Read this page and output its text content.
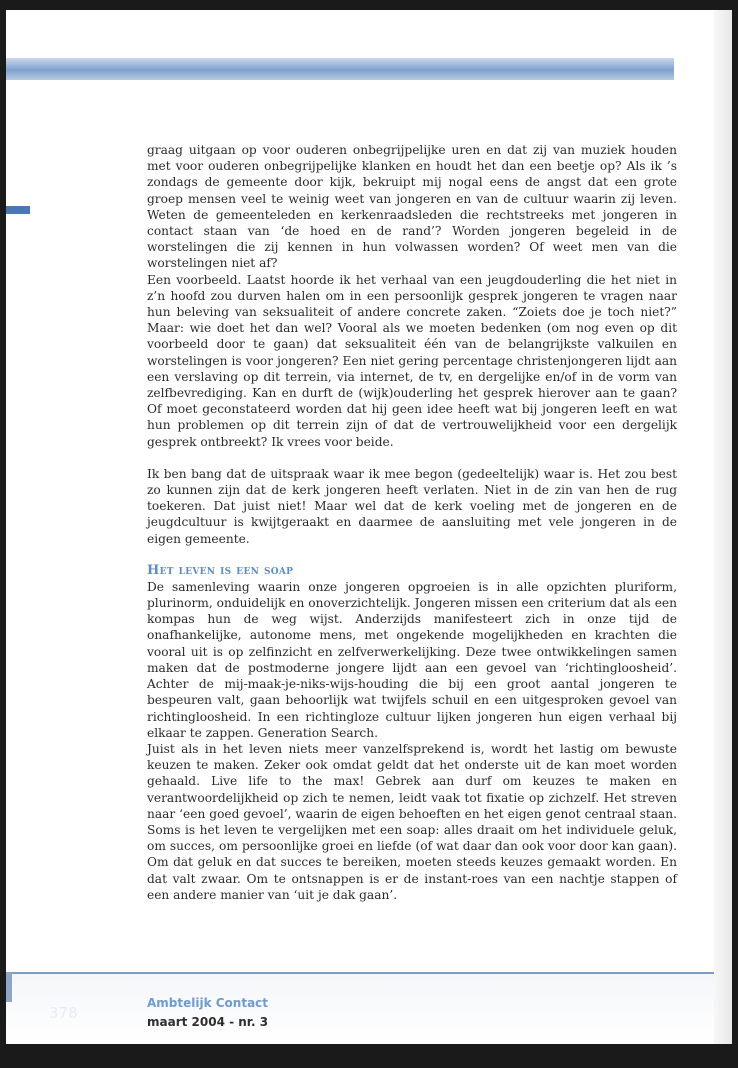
graag uitgaan op voor ouderen onbegrijpelijke uren en dat zij van muziek houden met voor ouderen onbegrijpelijke klanken en houdt het dan een beetje op? Als ik ’s zondags de gemeente door kijk, bekruipt mij nogal eens de angst dat een grote groep mensen veel te weinig weet van jongeren en van de cultuur waarin zij leven. Weten de gemeenteleden en kerkenraadsleden die rechtstreeks met jongeren in contact staan van ‘de hoed en de rand’? Worden jongeren begeleid in de worstelingen die zij kennen in hun volwassen worden? Of weet men van die worstelingen niet af?

Een voorbeeld. Laatst hoorde ik het verhaal van een jeugdouderling die het niet in z’n hoofd zou durven halen om in een persoonlijk gesprek jongeren te vragen naar hun beleving van seksualiteit of andere concrete zaken. “Zoiets doe je toch niet?” Maar: wie doet het dan wel? Vooral als we moeten bedenken (om nog even op dit voorbeeld door te gaan) dat seksualiteit één van de belangrijkste valkuilen en worstelingen is voor jongeren? Een niet gering percentage christenjongeren lijdt aan een verslaving op dit terrein, via internet, de tv, en dergelijke en/of in de vorm van zelfbevrediging. Kan en durft de (wijk)ouderling het gesprek hierover aan te gaan? Of moet geconstateerd worden dat hij geen idee heeft wat bij jongeren leeft en wat hun problemen op dit terrein zijn of dat de vertrouwelijkheid voor een dergelijk gesprek ontbreekt? Ik vrees voor beide.

Ik ben bang dat de uitspraak waar ik mee begon (gedeeltelijk) waar is. Het zou best zo kunnen zijn dat de kerk jongeren heeft verlaten. Niet in de zin van hen de rug toekeren. Dat juist niet! Maar wel dat de kerk voeling met de jongeren en de jeugdcultuur is kwijtgeraakt en daarmee de aansluiting met vele jongeren in de eigen gemeente.

Het leven is een soap

De samenleving waarin onze jongeren opgroeien is in alle opzichten pluriform, plurinorm, onduidelijk en onoverzichtelijk. Jongeren missen een criterium dat als een kompas hun de weg wijst. Anderzijds manifesteert zich in onze tijd de onafhankelijke, autonome mens, met ongekende mogelijkheden en krachten die vooral uit is op zelfinzicht en zelfverwerkelijking. Deze twee ontwikkelingen samen maken dat de postmoderne jongere lijdt aan een gevoel van ‘richtingloosheid’. Achter de mij-maak-je-niks-wijs-houding die bij een groot aantal jongeren te bespeuren valt, gaan behoorlijk wat twijfels schuil en een uitgesproken gevoel van richtingloosheid. In een richtingloze cultuur lijken jongeren hun eigen verhaal bij elkaar te zappen. Generation Search.

Juist als in het leven niets meer vanzelfsprekend is, wordt het lastig om bewuste keuzen te maken. Zeker ook omdat geldt dat het onderste uit de kan moet worden gehaald. Live life to the max! Gebrek aan durf om keuzes te maken en verantwoordelijkheid op zich te nemen, leidt vaak tot fixatie op zichzelf. Het streven naar ‘een goed gevoel’, waarin de eigen behoeften en het eigen genot centraal staan. Soms is het leven te vergelijken met een soap: alles draait om het individuele geluk, om succes, om persoonlijke groei en liefde (of wat daar dan ook voor door kan gaan). Om dat geluk en dat succes te bereiken, moeten steeds keuzes gemaakt worden. En dat valt zwaar. Om te ontsnappen is er de instant-roes van een nachtje stappen of een andere manier van ‘uit je dak gaan’.

378
Ambtelijk Contact
maart 2004 - nr. 3
